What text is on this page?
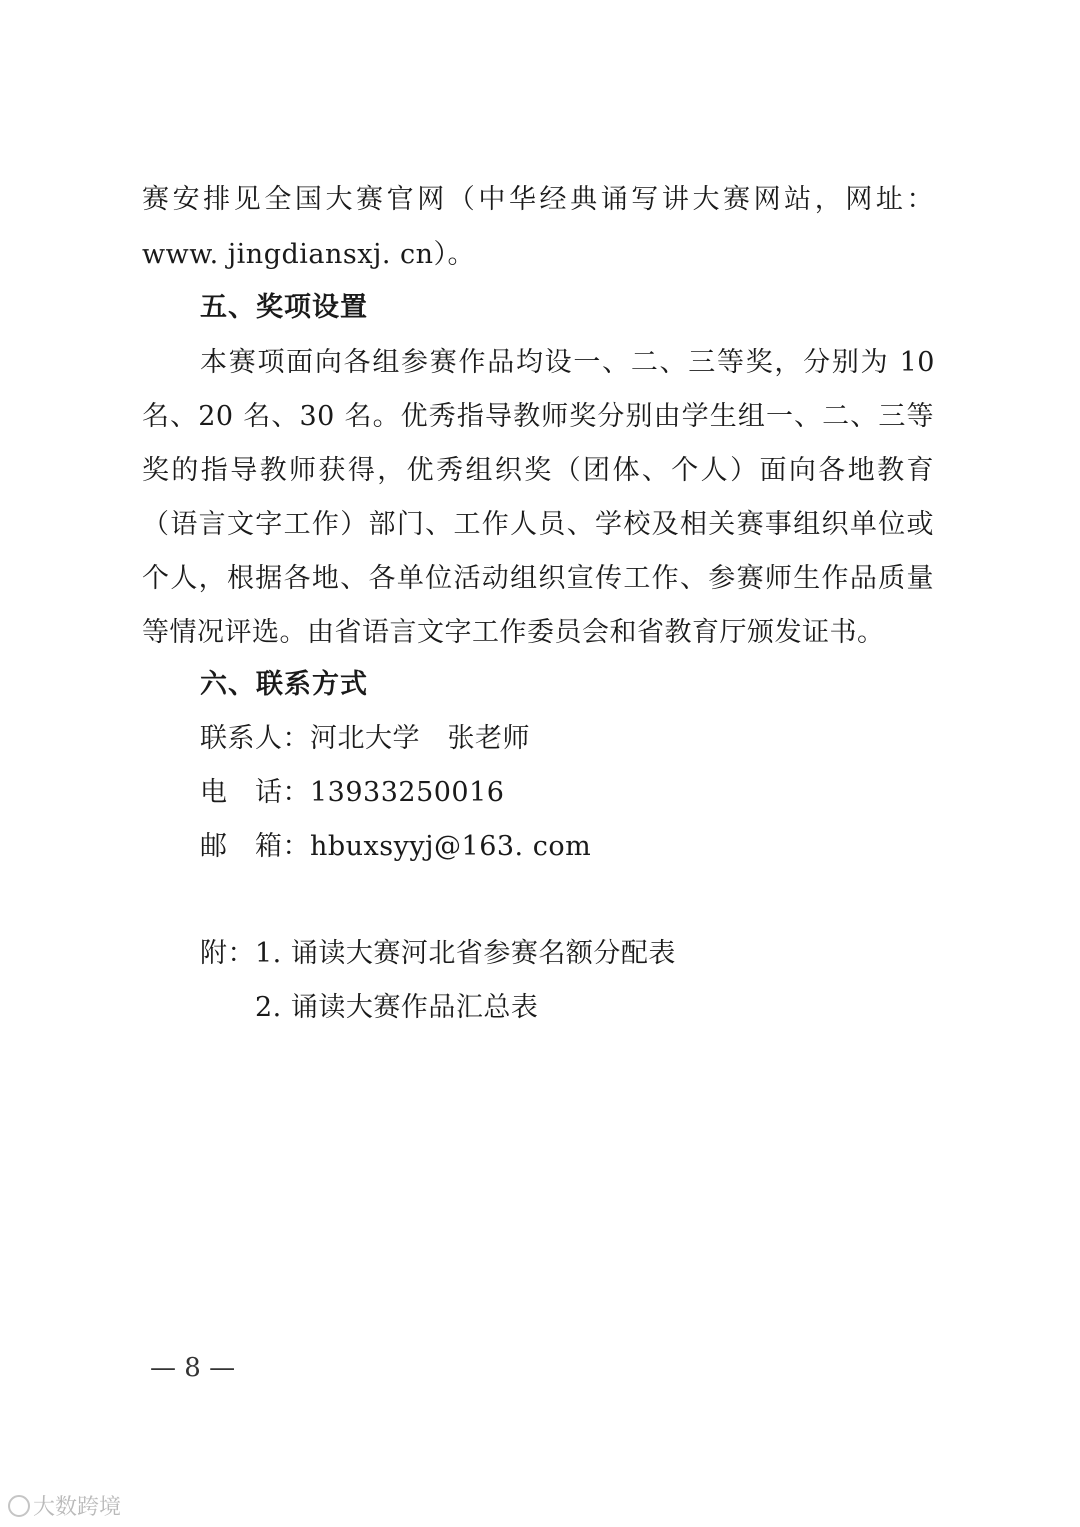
赛安排见全国大赛官网（中华经典诵写讲大赛网站，网址：
www. jingdiansxj. cn）。
五、奖项设置
本赛项面向各组参赛作品均设一、二、三等奖，分别为 10
名、20 名、30 名。优秀指导教师奖分别由学生组一、二、三等
奖的指导教师获得，优秀组织奖（团体、个人）面向各地教育
（语言文字工作）部门、工作人员、学校及相关赛事组织单位或
个人，根据各地、各单位活动组织宣传工作、参赛师生作品质量
等情况评选。由省语言文字工作委员会和省教育厅颁发证书。
六、联系方式
联系人：河北大学　张老师
电　话：13933250016
邮　箱：hbuxsyyj@163. com
附：1. 诵读大赛河北省参赛名额分配表
2. 诵读大赛作品汇总表
— 8 —
大数跨境
